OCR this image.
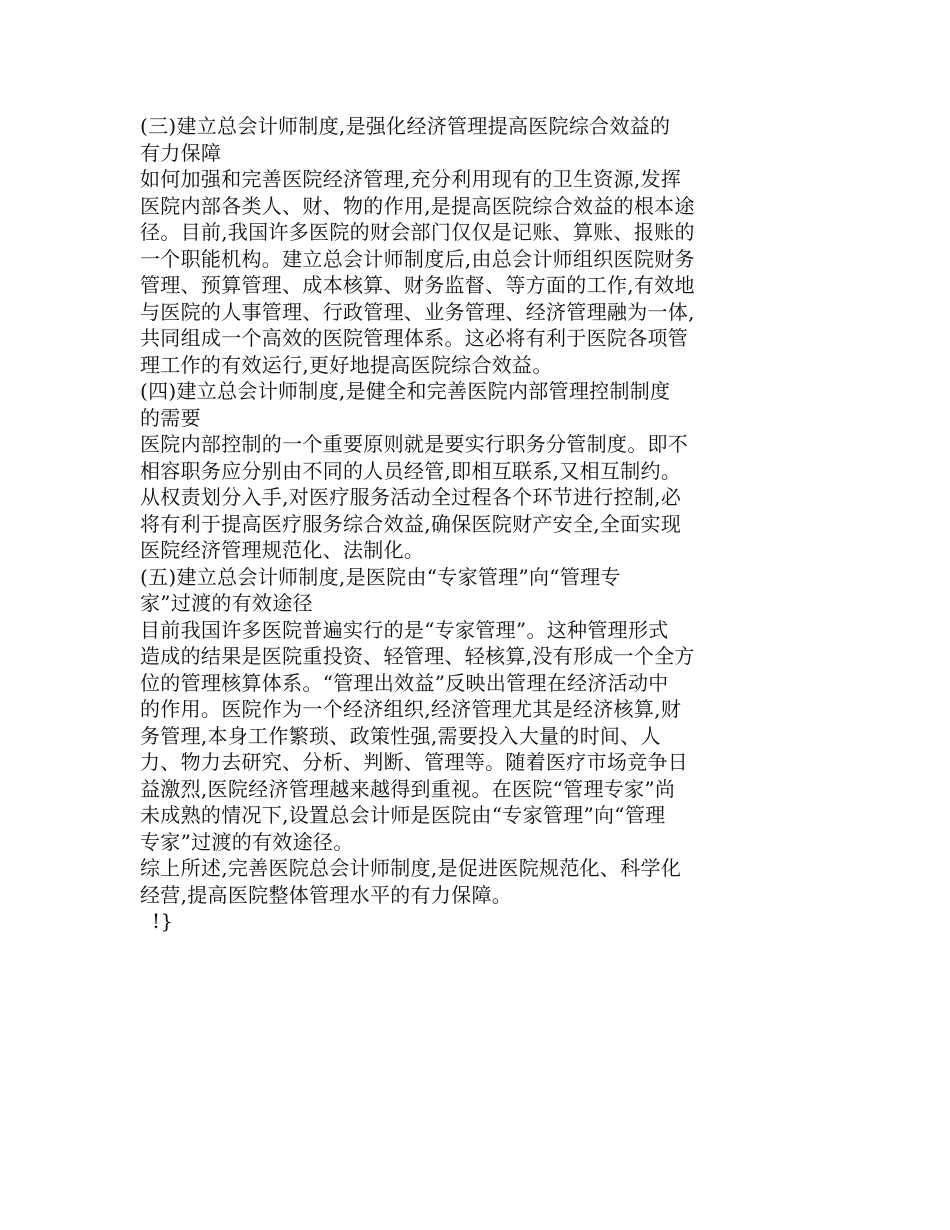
(三)建立总会计师制度,是强化经济管理提高医院综合效益的
有力保障
如何加强和完善医院经济管理,充分利用现有的卫生资源,发挥
医院内部各类人、财、物的作用,是提高医院综合效益的根本途
径。目前,我国许多医院的财会部门仅仅是记账、算账、报账的
一个职能机构。建立总会计师制度后,由总会计师组织医院财务
管理、预算管理、成本核算、财务监督、等方面的工作,有效地
与医院的人事管理、行政管理、业务管理、经济管理融为一体,
共同组成一个高效的医院管理体系。这必将有利于医院各项管
理工作的有效运行,更好地提高医院综合效益。
(四)建立总会计师制度,是健全和完善医院内部管理控制制度
的需要
医院内部控制的一个重要原则就是要实行职务分管制度。即不
相容职务应分别由不同的人员经管,即相互联系,又相互制约。
从权责划分入手,对医疗服务活动全过程各个环节进行控制,必
将有利于提高医疗服务综合效益,确保医院财产安全,全面实现
医院经济管理规范化、法制化。
(五)建立总会计师制度,是医院由“专家管理”向“管理专
家”过渡的有效途径
目前我国许多医院普遍实行的是“专家管理”。这种管理形式
造成的结果是医院重投资、轻管理、轻核算,没有形成一个全方
位的管理核算体系。“管理出效益”反映出管理在经济活动中
的作用。医院作为一个经济组织,经济管理尤其是经济核算,财
务管理,本身工作繁琐、政策性强,需要投入大量的时间、人
力、物力去研究、分析、判断、管理等。随着医疗市场竞争日
益激烈,医院经济管理越来越得到重视。在医院“管理专家”尚
未成熟的情况下,设置总会计师是医院由“专家管理”向“管理
专家”过渡的有效途径。
综上所述,完善医院总会计师制度,是促进医院规范化、科学化
经营,提高医院整体管理水平的有力保障。
!}
